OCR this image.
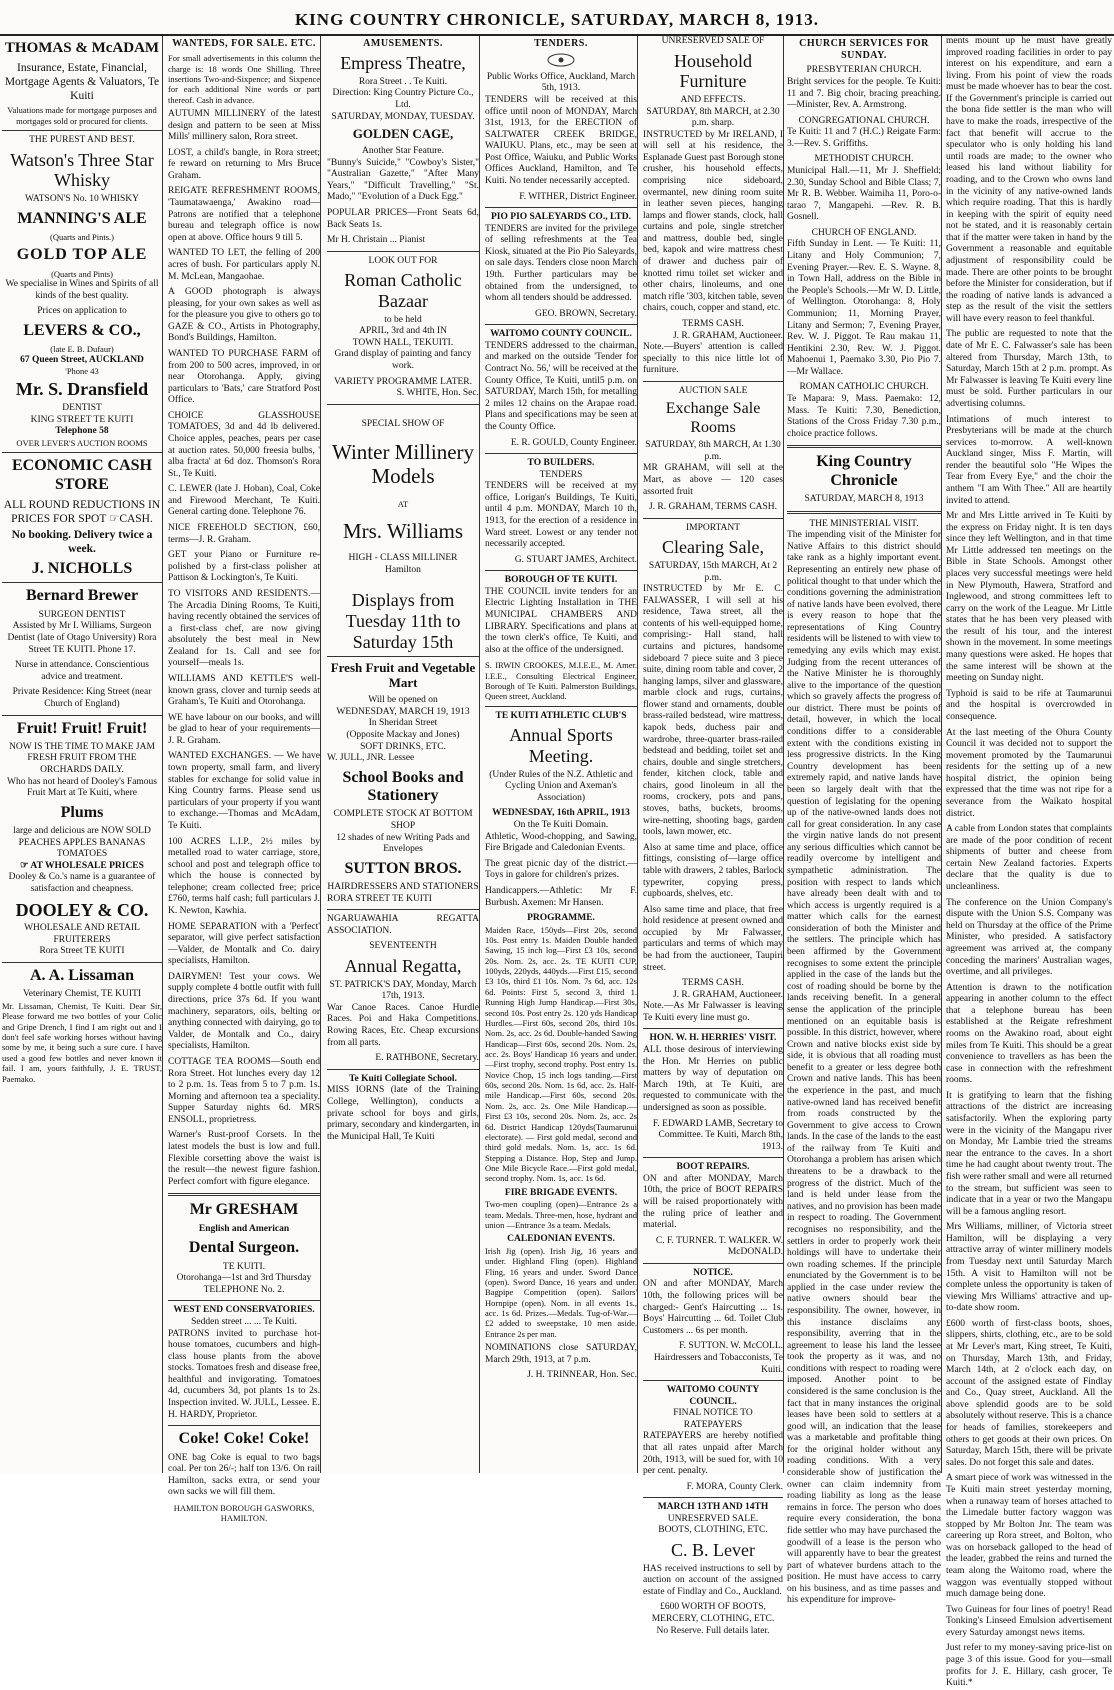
KING COUNTRY CHRONICLE, SATURDAY, MARCH 8, 1913.
THOMAS & McADAM
Insurance, Estate, Financial, Mortgage Agents & Valuators, Te Kuiti

Valuations made for mortgage purposes and mortgages sold or procured for clients.

THE PUREST AND BEST.
Watson's Three Star Whisky
WATSON'S No. 10 WHISKY
MANNING'S ALE
(Quarts and Pints.)
GOLD TOP ALE
(Quarts and Pints)

We specialise in Wines and Spirits of all kinds of the best quality.

Prices on application to
LEVERS & CO.,
(late E. B. Dufaur)
67 Queen Street, AUCKLAND
'Phone 43
Mr. S. Dransfield
DENTIST
KING STREET TE KUITI
Telephone 58
OVER LEVER'S AUCTION ROOMS
ECONOMIC CASH STORE
ALL ROUND REDUCTIONS IN PRICES FOR SPOT ☞CASH.
No booking. Delivery twice a week.
J. NICHOLLS
Bernard Brewer
SURGEON DENTIST

Assisted by Mr I. Williams, Surgeon Dentist (late of Otago University) Rora Street TE KUITI. Phone 17.

Nurse in attendance. Conscientious advice and treatment.

Private Residence: King Street (near Church of England)

Fruit! Fruit! Fruit!
NOW IS THE TIME TO MAKE JAM
FRESH FRUIT FROM THE ORCHARDS DAILY.

Who has not heard of Dooley's Famous Fruit Mart at Te Kuiti, where

Plums
large and delicious are NOW SOLD
PEACHES APPLES BANANAS TOMATOES
☞ AT WHOLESALE PRICES

Dooley & Co.'s name is a guarantee of satisfaction and cheapness.

DOOLEY & CO.
WHOLESALE AND RETAIL FRUITERERS
Rora Street TE KUITI
A. A. Lissaman
Veterinary Chemist, TE KUITI

Mr. Lissaman, Chemist, Te Kuiti. Dear Sir, Please forward me two bottles of your Colic and Gripe Drench, I find I am right out and I don't feel safe working horses without having some by me, it being such a sure cure. I have used a good few bottles and never known it fail. I am, yours faithfully, J. E. TRUST, Paemako.

WANTEDS, FOR SALE. ETC.

For small advertisements in this column the charge is: 18 words One Shilling. Three insertions Two-and-Sixpence; and Sixpence for each additional Nine words or part thereof. Cash in advance.

AUTUMN MILLINERY of the latest design and pattern to be seen at Miss Mills' millinery salon, Rora street.

LOST, a child's bangle, in Rora street; fe reward on returning to Mrs Bruce Graham.

REIGATE REFRESHMENT ROOMS, 'Taumatawaenga,' Awakino road—Patrons are notified that a telephone bureau and telegraph office is now open at above. Office hours 9 till 5.

WANTED TO LET, the felling of 200 acres of bush. For particulars apply N. M. McLean, Mangaohae.

A GOOD photograph is always pleasing, for your own sakes as well as for the pleasure you give to others go to GAZE & CO., Artists in Photography, Bond's Buildings, Hamilton.

WANTED TO PURCHASE FARM of from 200 to 500 acres, improved, in or near Otorohanga. Apply, giving particulars to 'Bats,' care Stratford Post Office.

CHOICE GLASSHOUSE TOMATOES, 3d and 4d lb delivered. Choice apples, peaches, pears per case at auction rates. 50,000 freesia bulbs, ' alba fracta' at 6d doz. Thomson's Rora St., Te Kuiti.

C. LEWER (late J. Hoban), Coal, Coke and Firewood Merchant, Te Kuiti. General carting done. Telephone 76.

NICE FREEHOLD SECTION, £60, terms—J. R. Graham.

GET your Piano or Furniture re-polished by a first-class polisher at Pattison & Lockington's, Te Kuiti.

TO VISITORS AND RESIDENTS.—The Arcadia Dining Rooms, Te Kuiti, having recently obtained the services of a first-class chef, are now giving absolutely the best meal in New Zealand for 1s. Call and see for yourself—meals 1s.

WILLIAMS AND KETTLE'S well-known grass, clover and turnip seeds at Graham's, Te Kuiti and Otorohanga.

WE have labour on our books, and will be glad to hear of your requirements—J. R. Graham.

WANTED EXCHANGES. — We have town property, small farm, and livery stables for exchange for solid value in King Country farms. Please send us particulars of your property if you want to exchange.—Thomas and McAdam, Te Kuiti.

100 ACRES L.I.P., 2½ miles by metalled road to water carriage, store, school and post and telegraph office to which the house is connected by telephone; cream collected free; price £760, terms half cash; full particulars J. K. Newton, Kawhia.

HOME SEPARATION with a 'Perfect' separator, will give perfect satisfaction—Valder, de Montalk and Co. dairy specialists, Hamilton.

DAIRYMEN! Test your cows. We supply complete 4 bottle outfit with full directions, price 37s 6d. If you want machinery, separators, oils, belting or anything connected with dairying, go to Valder, de Montalk and Co., dairy specialists, Hamilton.

COTTAGE TEA ROOMS—South end Rora Street. Hot lunches every day 12 to 2 p.m. 1s. Teas from 5 to 7 p.m. 1s. Morning and afternoon tea a speciality. Supper Saturday nights 6d. MRS ENSOLL, proprietress.

Warner's Rust-proof Corsets. In the latest models the bust is low and full. Flexible corsetting above the waist is the result—the newest figure fashion. Perfect comfort with figure elegance.

Mr GRESHAM
English and American
Dental Surgeon.
TE KUITI.
Otorohanga—1st and 3rd Thursday
TELEPHONE No. 2.
WEST END CONSERVATORIES.
Sedden street ... ... Te Kuiti.

PATRONS invited to purchase hot-house tomatoes, cucumbers and high-class house plants from the above stocks. Tomatoes fresh and disease free, healthful and invigorating. Tomatoes 4d, cucumbers 3d, pot plants 1s to 2s. Inspection invited. W. JULL, Lessee. E. H. HARDY, Proprietor.

Coke! Coke! Coke!

ONE bag Coke is equal to two bags coal. Per ton 26/-; half ton 13/6. On rail Hamilton, sacks extra, or send your own sacks we will fill them.

HAMILTON BOROUGH GASWORKS, HAMILTON.
AMUSEMENTS.
Empress Theatre,
Rora Street . . Te Kuiti.
Direction: King Country Picture Co., Ltd.
SATURDAY, MONDAY, TUESDAY.
GOLDEN CAGE,
Another Star Feature.

"Bunny's Suicide," "Cowboy's Sister," "Australian Gazette," "After Many Years," "Difficult Travelling," "St. Mado," "Evolution of a Duck Egg."

POPULAR PRICES—Front Seats 6d, Back Seats 1s.

Mr H. Christain ... Pianist
LOOK OUT FOR
Roman Catholic Bazaar
to be held
APRIL, 3rd and 4th IN
TOWN HALL, TEKUITI.

Grand display of painting and fancy work.

VARIETY PROGRAMME LATER.
S. WHITE, Hon. Sec.
SPECIAL SHOW OF
Winter Millinery Models
AT
Mrs. Williams
HIGH - CLASS MILLINER
Hamilton
Displays from Tuesday 11th to Saturday 15th
Fresh Fruit and Vegetable Mart
Will be opened on
WEDNESDAY, MARCH 19, 1913
In Sheridan Street
(Opposite Mackay and Jones)
SOFT DRINKS, ETC.
W. JULL, JNR. Lessee
School Books and Stationery
COMPLETE STOCK AT BOTTOM SHOP

12 shades of new Writing Pads and Envelopes

SUTTON BROS.
HAIRDRESSERS AND STATIONERS
RORA STREET TE KUITI

NGARUAWAHIA REGATTA ASSOCIATION.

SEVENTEENTH
Annual Regatta,
ST. PATRICK'S DAY, Monday, March 17th, 1913.

War Canoe Races. Canoe Hurdle Races. Poi and Haka Competitions. Rowing Races, Etc. Cheap excursions from all parts.

E. RATHBONE, Secretary.
Te Kuiti Collegiate School.

MISS IORNS (late of the Training College, Wellington), conducts a private school for boys and girls, primary, secondary and kindergarten, in the Municipal Hall, Te Kuiti

TENDERS.
Public Works Office, Auckland, March 5th, 1913.

TENDERS will be received at this office until noon of MONDAY, March 31st, 1913, for the ERECTION of SALTWATER CREEK BRIDGE, WAIUKU. Plans, etc., may be seen at Post Office, Waiuku, and Public Works Offices Auckland, Hamilton, and Te Kuiti. No tender necessarily accepted.

F. WITHER, District Engineer.
PIO PIO SALEYARDS CO., LTD.

TENDERS are invited for the privilege of selling refreshments at the Tea Kiosk, situated at the Pio Pio Saleyards, on sale days. Tenders close noon March 19th. Further particulars may be obtained from the undersigned, to whom all tenders should be addressed.

GEO. BROWN, Secretary.
WAITOMO COUNTY COUNCIL.

TENDERS addressed to the chairman, and marked on the outside 'Tender for Contract No. 56,' will be received at the County Office, Te Kuiti, until5 p.m. on SATURDAY, March 15th, for metalling 2 miles 12 chains on the Arapae road. Plans and specifications may be seen at the County Office.

E. R. GOULD, County Engineer.
TO BUILDERS.
TENDERS

TENDERS will be received at my office, Lorigan's Buildings, Te Kuiti, until 4 p.m. MONDAY, March 10 th, 1913, for the erection of a residence in Ward street. Lowest or any tender not necessarily accepted.

G. STUART JAMES, Architect.
BOROUGH OF TE KUITI.

THE COUNCIL invite tenders for an Electric Lighting Installation in THE MUNICIPAL CHAMBERS AND LIBRARY. Specifications and plans at the town clerk's office, Te Kuiti, and also at the office of the undersigned.

S. IRWIN CROOKES, M.I.E.E., M. Amer. I.E.E., Consulting Electrical Engineer, Borough of Te Kuiti. Palmerston Buildings, Queen street, Auckland.

TE KUITI ATHLETIC CLUB'S
Annual Sports Meeting.

(Under Rules of the N.Z. Athletic and Cycling Union and Axeman's Association)

WEDNESDAY, 16th APRIL, 1913
On the Te Kuiti Domain.

Athletic, Wood-chopping, and Sawing, Fire Brigade and Caledonian Events.

The great picnic day of the district.—Toys in galore for children's prizes.

Handicappers.—Athletic: Mr F. Burbush. Axemen: Mr Hansen.

PROGRAMME.

Maiden Race, 150yds—First 20s, second 10s. Post entry 1s. Maiden Double handed Sawing, 15 inch log—First £3 10s, second 20s. Nom. 2s, acc. 2s. TE KUITI CUP, 100yds, 220yds, 440yds.—First £15, second £3 10s, third £1 10s. Nom. 7s 6d, acc. 12s 6d. Points: First 5, second 3, third 1. Running High Jump Handicap.—First 30s, second 10s. Post entry 2s. 120 yds Handicap Hurdles.—First 60s, second 20s, third 10s. Nom. 2s, acc. 2s 6d. Double-handed Sawing Handicap—First 60s, second 20s. Nom. 2s, acc. 2s. Boys' Handicap 16 years and under. —First trophy, second trophy. Post entry 1s. Novice Chop, 15 inch logs tanding.—First 60s, second 20s. Nom. 1s 6d, acc. 2s. Half-mile Handicap.—First 60s, second 20s. Nom. 2s, acc. 2s. One Mile Handicap.—First £3 10s, second 20s. Nom. 2s, acc. 2s 6d. District Handicap 120yds(Taumarunui electorate). — First gold medal, second and third gold medals. Nom. 1s, acc. 1s 6d. Stepping a Distance. Hop, Step and Jump. One Mile Bicycle Race.—First gold medal, second trophy. Nom. 1s, acc. 1s 6d.

FIRE BRIGADE EVENTS.

Two-men coupling (open)—Entrance 2s a team. Medals. Three-men, hose, hydrant and union —Entrance 3s a team. Medals.

CALEDONIAN EVENTS.

Irish Jig (open). Irish Jig, 16 years and under. Highland Fling (open). Highland Fling, 16 years and under. Sword Dance (open). Sword Dance, 16 years and under. Bagpipe Competition (open). Sailors' Hornpipe (open). Nom. in all events 1s., acc. 1s 6d. Prizes.—Medals. Tug-of-War.—£2 added to sweepstake, 10 men aside. Entrance 2s per man.

NOMINATIONS close SATURDAY, March 29th, 1913, at 7 p.m.

J. H. TRINNEAR, Hon. Sec.
UNRESERVED SALE OF
Household Furniture
AND EFFECTS.
SATURDAY, 8th MARCH, at 2.30 p.m. sharp.

INSTRUCTED by Mr IRELAND, I will sell at his residence, the Esplanade Guest past Borough stone crusher, his household effects, comprising nice sideboard, overmantel, new dining room suite in leather seven pieces, hanging lamps and flower stands, clock, hall curtains and pole, single stretcher and mattress, double bed, single bed, kapok and wire mattress chest of drawer and duchess pair of knotted rimu toilet set wicker and other chairs, linoleums, and one match rifle '303, kitchen table, seven chairs, couch, copper and stand, etc.

TERMS CASH.
J. R. GRAHAM, Auctioneer.

Note.—Buyers' attention is called specially to this nice little lot of furniture.

AUCTION SALE
Exchange Sale Rooms
SATURDAY, 8th MARCH, At 1.30 p.m.

MR GRAHAM, will sell at the Mart, as above — 120 cases assorted fruit

J. R. GRAHAM, TERMS CASH.
IMPORTANT
Clearing Sale,
SATURDAY, 15th MARCH, At 2 p.m.

INSTRUCTED by Mr E. C. FALWASSER, I will sell at his residence, Tawa street, all the contents of his well-equipped home, comprising:- Hall stand, hall curtains and pictures, handsome sideboard 7 piece suite and 3 piece suite, dining room table and cover, 2 hanging lamps, silver and glassware, marble clock and rugs, curtains, flower stand and ornaments, double brass-railed bedstead, wire mattress, kapok beds, duchess pair and wardrobe, three-quarter brass-railed bedstead and bedding, toilet set and chairs, double and single stretchers, fender, kitchen clock, table and chairs, good linoleum in all the rooms, crockery, pots and pans, stoves, baths, buckets, brooms, wire-netting, shooting bags, garden tools, lawn mower, etc.

Also at same time and place, office fittings, consisting of—large office table with drawers, 2 tables, Barlock typewriter, copying press, cupboards, shelves, etc.

Also same time and place, that free hold residence at present owned and occupied by Mr Falwasser, particulars and terms of which may be had from the auctioneer, Taupiri street.

TERMS CASH.
J. R. GRAHAM, Auctioneer.

Note.—As Mr Falwasser is leaving Te Kuiti every line must go.

HON. W. H. HERRIES' VISIT.

ALL those desirous of interviewing the Hon. Mr Herries on public matters by way of deputation on March 19th, at Te Kuiti, are requested to communicate with the undersigned as soon as possible.

F. EDWARD LAMB, Secretary to Committee. Te Kuiti, March 8th, 1913.
BOOT REPAIRS.

ON and after MONDAY, March 10th, the price of BOOT REPAIRS will be raised proportionately with the ruling price of leather and material.

C. F. TURNER. T. WALKER. W. McDONALD.
NOTICE.

ON and after MONDAY, March 10th, the following prices will be charged:- Gent's Haircutting ... 1s. Boys' Haircutting ... 6d. Toilet Club Customers ... 6s per month.

F. SUTTON. W. McCOLL. Hairdressers and Tobacconists, Te Kuiti.
WAITOMO COUNTY COUNCIL.
FINAL NOTICE TO RATEPAYERS

RATEPAYERS are hereby notified that all rates unpaid after March 20th, 1913, will be sued for, with 10 per cent. penalty.

F. MORA, County Clerk.
MARCH 13TH AND 14TH
UNRESERVED SALE.
BOOTS, CLOTHING, ETC.
C. B. Lever

HAS received instructions to sell by auction on account of the assigned estate of Findlay and Co., Auckland.

£600 WORTH OF BOOTS, MERCERY, CLOTHING, ETC.
No Reserve. Full details later.
CHURCH SERVICES FOR SUNDAY.
PRESBYTERIAN CHURCH.

Bright services for the people. Te Kuiti: 11 and 7. Big choir, bracing preaching.—Minister, Rev. A. Armstrong.

CONGREGATIONAL CHURCH.

Te Kuiti: 11 and 7 (H.C.) Reigate Farm: 3.—Rev. S. Griffiths.

METHODIST CHURCH.

Municipal Hall.—11, Mr J. Sheffield; 2.30, Sunday School and Bible Class; 7, Mr R. B. Webber. Waimiha 11, Poro-o-tarao 7, Mangapehi. —Rev. R. B. Gosnell.

CHURCH OF ENGLAND.

Fifth Sunday in Lent. — Te Kuiti: 11, Litany and Holy Communion; 7, Evening Prayer.—Rev. E. S. Wayne. 8, in Town Hall, address on the Bible in the People's Schools.—Mr W. D. Little, of Wellington. Otorohanga: 8, Holy Communion; 11, Morning Prayer, Litany and Sermon; 7, Evening Prayer, Rev. W. J. Piggot. Te Rau makau 11, Hentikini 2.30, Rev. W. J. Piggot. Mahoenui 1, Paemako 3.30, Pio Pio 7.—Mr Wallace.

ROMAN CATHOLIC CHURCH.

Te Mapara: 9, Mass. Paemako: 12, Mass. Te Kuiti: 7.30, Benediction, Stations of the Cross Friday 7.30 p.m., choice practice follows.

King Country Chronicle
SATURDAY, MARCH 8, 1913
THE MINISTERIAL VISIT.

The impending visit of the Minister for Native Affairs to this district should take rank as a highly important event. Representing an entirely new phase of political thought to that under which the conditions governing the administration of native lands have been evolved, there is every reason to hope that the representations of King Country residents will be listened to with view to remedying any evils which may exist. Judging from the recent utterances of the Native Minister he is thoroughly alive to the importance of the question which so gravely affects the progress of our district. There must be points of detail, however, in which the local conditions differ to a considerable extent with the conditions existing in less progressive districts. In the King Country development has been extremely rapid, and native lands have been so largely dealt with that the question of legislating for the opening up of the native-owned lands does not call for great consideration. In any case the virgin native lands do not present any serious difficulties which cannot be readily overcome by intelligent and sympathetic administration. The position with respect to lands which have already been dealt with and to which access is urgently required is a matter which calls for the earnest consideration of both the Minister and the settlers. The principle which has been affirmed by the Government recognises to some extent the principle applied in the case of the lands but the cost of roading should be borne by the lands receiving benefit. In a general sense the application of the principle mentioned on an equitable basis is possible. In this district, however, where Crown and native blocks exist side by side, it is obvious that all roading must benefit to a greater or less degree both Crown and native lands. This has been the experience in the past, and much native-owned land has received benefit from roads constructed by the Government to give access to Crown lands. In the case of the lands to the east of the railway from Te Kuiti and Otorohanga a problem has arisen which threatens to be a drawback to the progress of the district. Much of the land is held under lease from the natives, and no provision has been made in respect to roading. The Government recognises no responsibility, and the settlers in order to properly work their holdings will have to undertake their own roading schemes. If the principle enunciated by the Government is to be applied in the case under review the native owners should bear the responsibility. The owner, however, in this instance disclaims any responsibility, averring that in the agreement to lease his land the lessee took the property as it was, and no conditions with respect to roading were imposed. Another point to be considered is the same conclusion is the fact that in many instances the original leases have been sold to settlers at a good will, an indication that the lease was a marketable and profitable thing for the original holder without any roading conditions. With a very considerable show of justification the owner can claim indemnity from roading liability as long as the lease remains in force. The person who does require every consideration, the bona fide settler who may have purchased the goodwill of a lease is the person who will apparently have to bear the greatest part of whatever burdens attach to the position. He must have access to carry on his business, and as time passes and his expenditure for improve-

ments mount up he must have greatly improved roading facilities in order to pay interest on his expenditure, and earn a living. From his point of view the roads must be made whoever has to bear the cost. If the Government's principle is carried out the bona fide settler is the man who will have to make the roads, irrespective of the fact that benefit will accrue to the speculator who is only holding his land until roads are made; to the owner who leased his land without liability for roading, and to the Crown who owns land in the vicinity of any native-owned lands which require roading. That this is hardly in keeping with the spirit of equity need not be stated, and it is reasonably certain that if the matter were taken in hand by the Government a reasonable and equitable adjustment of responsibility could be made. There are other points to be brought before the Minister for consideration, but if the roading of native lands is advanced a step as the result of the visit the settlers will have every reason to feel thankful.

The public are requested to note that the date of Mr E. C. Falwasser's sale has been altered from Thursday, March 13th, to Saturday, March 15th at 2 p.m. prompt. As Mr Falwasser is leaving Te Kuiti every line must be sold. Further particulars in our advertising columns.

Intimations of much interest to Presbyterians will be made at the church services to-morrow. A well-known Auckland singer, Miss F. Martin, will render the beautiful solo "He Wipes the Tear from Every Eye," and the choir the anthem "I am With Thee." All are heartily invited to attend.

Mr and Mrs Little arrived in Te Kuiti by the express on Friday night. It is ten days since they left Wellington, and in that time Mr Little addressed ten meetings on the Bible in State Schools. Amongst other places very successful meetings were held in New Plymouth, Hawera, Stratford and Inglewood, and strong committees left to carry on the work of the League. Mr Little states that he has been very pleased with the result of his tour, and the interest shown in the movement. In some meetings many questions were asked. He hopes that the same interest will be shown at the meeting on Sunday night.

Typhoid is said to be rife at Taumarunui and the hospital is overcrowded in consequence.

At the last meeting of the Ohura County Council it was decided not to support the movement promoted by the Taumarunui residents for the setting up of a new hospital district, the opinion being expressed that the time was not ripe for a severance from the Waikato hospital district.

A cable from London states that complaints are made of the poor condition of recent shipments of butter and cheese from certain New Zealand factories. Experts declare that the quality is due to uncleanliness.

The conference on the Union Company's dispute with the Union S.S. Company was held on Thursday at the office of the Prime Minister, who presided. A satisfactory agreement was arrived at, the company conceding the mariners' Australian wages, overtime, and all privileges.

Attention is drawn to the notification appearing in another column to the effect that a telephone bureau has been established at the Reigate refreshment rooms on the Awakino road, about eight miles from Te Kuiti. This should be a great convenience to travellers as has been the case in connection with the refreshment rooms.

It is gratifying to learn that the fishing attractions of the district are increasing satisfactorily. When the exploring party were in the vicinity of the Mangapu river on Monday, Mr Lambie tried the streams near the entrance to the caves. In a short time he had caught about twenty trout. The fish were rather small and were all returned to the stream, but sufficient was seen to indicate that in a year or two the Mangapu will be a famous angling resort.

Mrs Williams, milliner, of Victoria street Hamilton, will be displaying a very attractive array of winter millinery models from Tuesday next until Saturday March 15th. A visit to Hamilton will not be complete unless the opportunity is taken of viewing Mrs Williams' attractive and up-to-date show room.

£600 worth of first-class boots, shoes, slippers, shirts, clothing, etc., are to be sold at Mr Lever's mart, King street, Te Kuiti, on Thursday, March 13th, and Friday, March 14th, at 2 o'clock each day, on account of the assigned estate of Findlay and Co., Quay street, Auckland. All the above splendid goods are to be sold absolutely without reserve. This is a chance for heads of families, storekeepers and others to get goods at their own prices. On Saturday, March 15th, there will be private sales. Do not forget this sale and dates.

A smart piece of work was witnessed in the Te Kuiti main street yesterday morning, when a runaway team of horses attached to the Limedale butter factory waggon was stopped by Mr Bolton Jnr. The team was careering up Rora street, and Bolton, who was on horseback galloped to the head of the leader, grabbed the reins and turned the team along the Waitomo road, where the waggon was eventually stopped without much damage being done.

Two Guineas for four lines of poetry! Read Tonking's Linseed Emulsion advertisement every Saturday amongst news items.

Just refer to my money-saving price-list on page 3 of this issue. Good for you—small profits for J. E. Hillary, cash grocer, Te Kuiti.*
